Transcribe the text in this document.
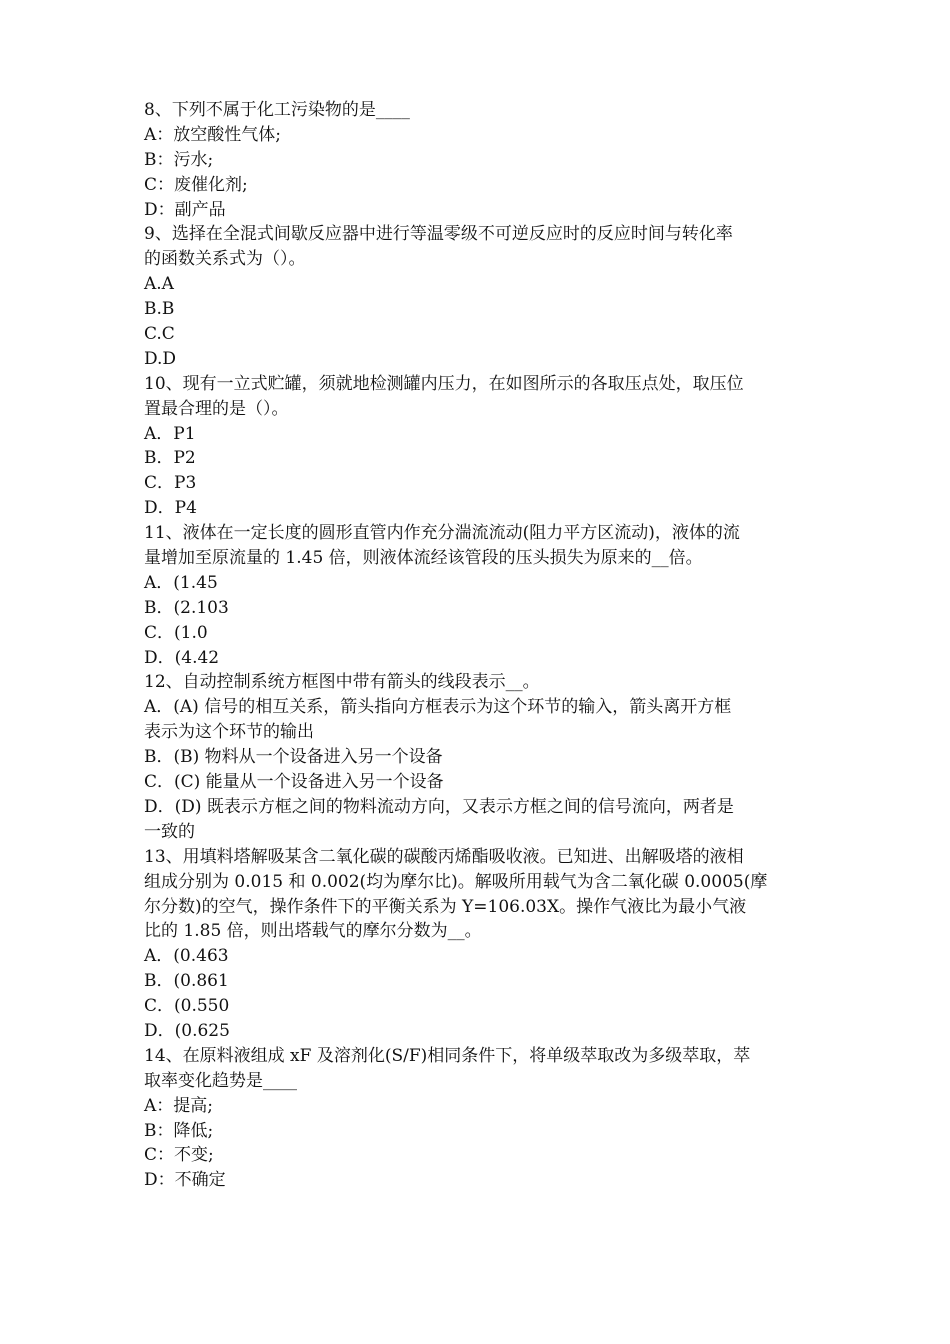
8、下列不属于化工污染物的是____
A：放空酸性气体;
B：污水;
C：废催化剂;
D：副产品
9、选择在全混式间歇反应器中进行等温零级不可逆反应时的反应时间与转化率
的函数关系式为（）。
A.A
B.B
C.C
D.D
10、现有一立式贮罐，须就地检测罐内压力，在如图所示的各取压点处，取压位
置最合理的是（）。
A．P1
B．P2
C．P3
D．P4
11、液体在一定长度的圆形直管内作充分湍流流动(阻力平方区流动)，液体的流
量增加至原流量的 1.45 倍，则液体流经该管段的压头损失为原来的__倍。
A．(1.45
B．(2.103
C．(1.0
D．(4.42
12、自动控制系统方框图中带有箭头的线段表示__。
A．(A) 信号的相互关系，箭头指向方框表示为这个环节的输入，箭头离开方框
表示为这个环节的输出
B．(B) 物料从一个设备进入另一个设备
C．(C) 能量从一个设备进入另一个设备
D．(D) 既表示方框之间的物料流动方向，又表示方框之间的信号流向，两者是
一致的
13、用填料塔解吸某含二氧化碳的碳酸丙烯酯吸收液。已知进、出解吸塔的液相
组成分别为 0.015 和 0.002(均为摩尔比)。解吸所用载气为含二氧化碳 0.0005(摩
尔分数)的空气，操作条件下的平衡关系为 Y=106.03X。操作气液比为最小气液
比的 1.85 倍，则出塔载气的摩尔分数为__。
A．(0.463
B．(0.861
C．(0.550
D．(0.625
14、在原料液组成 xF 及溶剂化(S/F)相同条件下，将单级萃取改为多级萃取，萃
取率变化趋势是____
A：提高;
B：降低;
C：不变;
D：不确定
